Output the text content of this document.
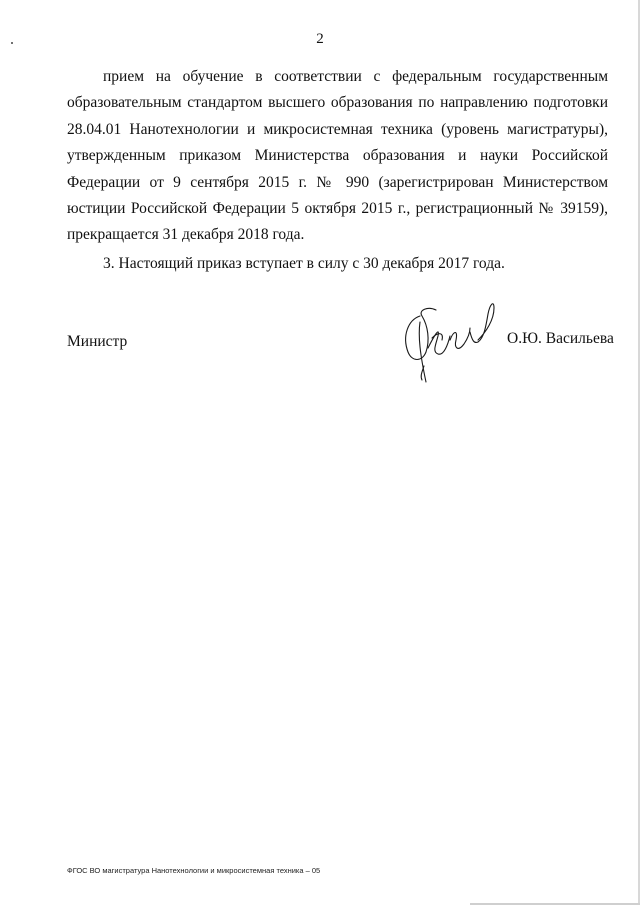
2

прием на обучение в соответствии с федеральным государственным образовательным стандартом высшего образования по направлению подготовки 28.04.01 Нанотехнологии и микросистемная техника (уровень магистратуры), утвержденным приказом Министерства образования и науки Российской Федерации от 9 сентября 2015 г. № 990 (зарегистрирован Министерством юстиции Российской Федерации 5 октября 2015 г., регистрационный № 39159), прекращается 31 декабря 2018 года.

3. Настоящий приказ вступает в силу с 30 декабря 2017 года.

Министр	О.Ю. Васильева
ФГОС ВО магистратура Нанотехнологии и микросистемная техника – 05
